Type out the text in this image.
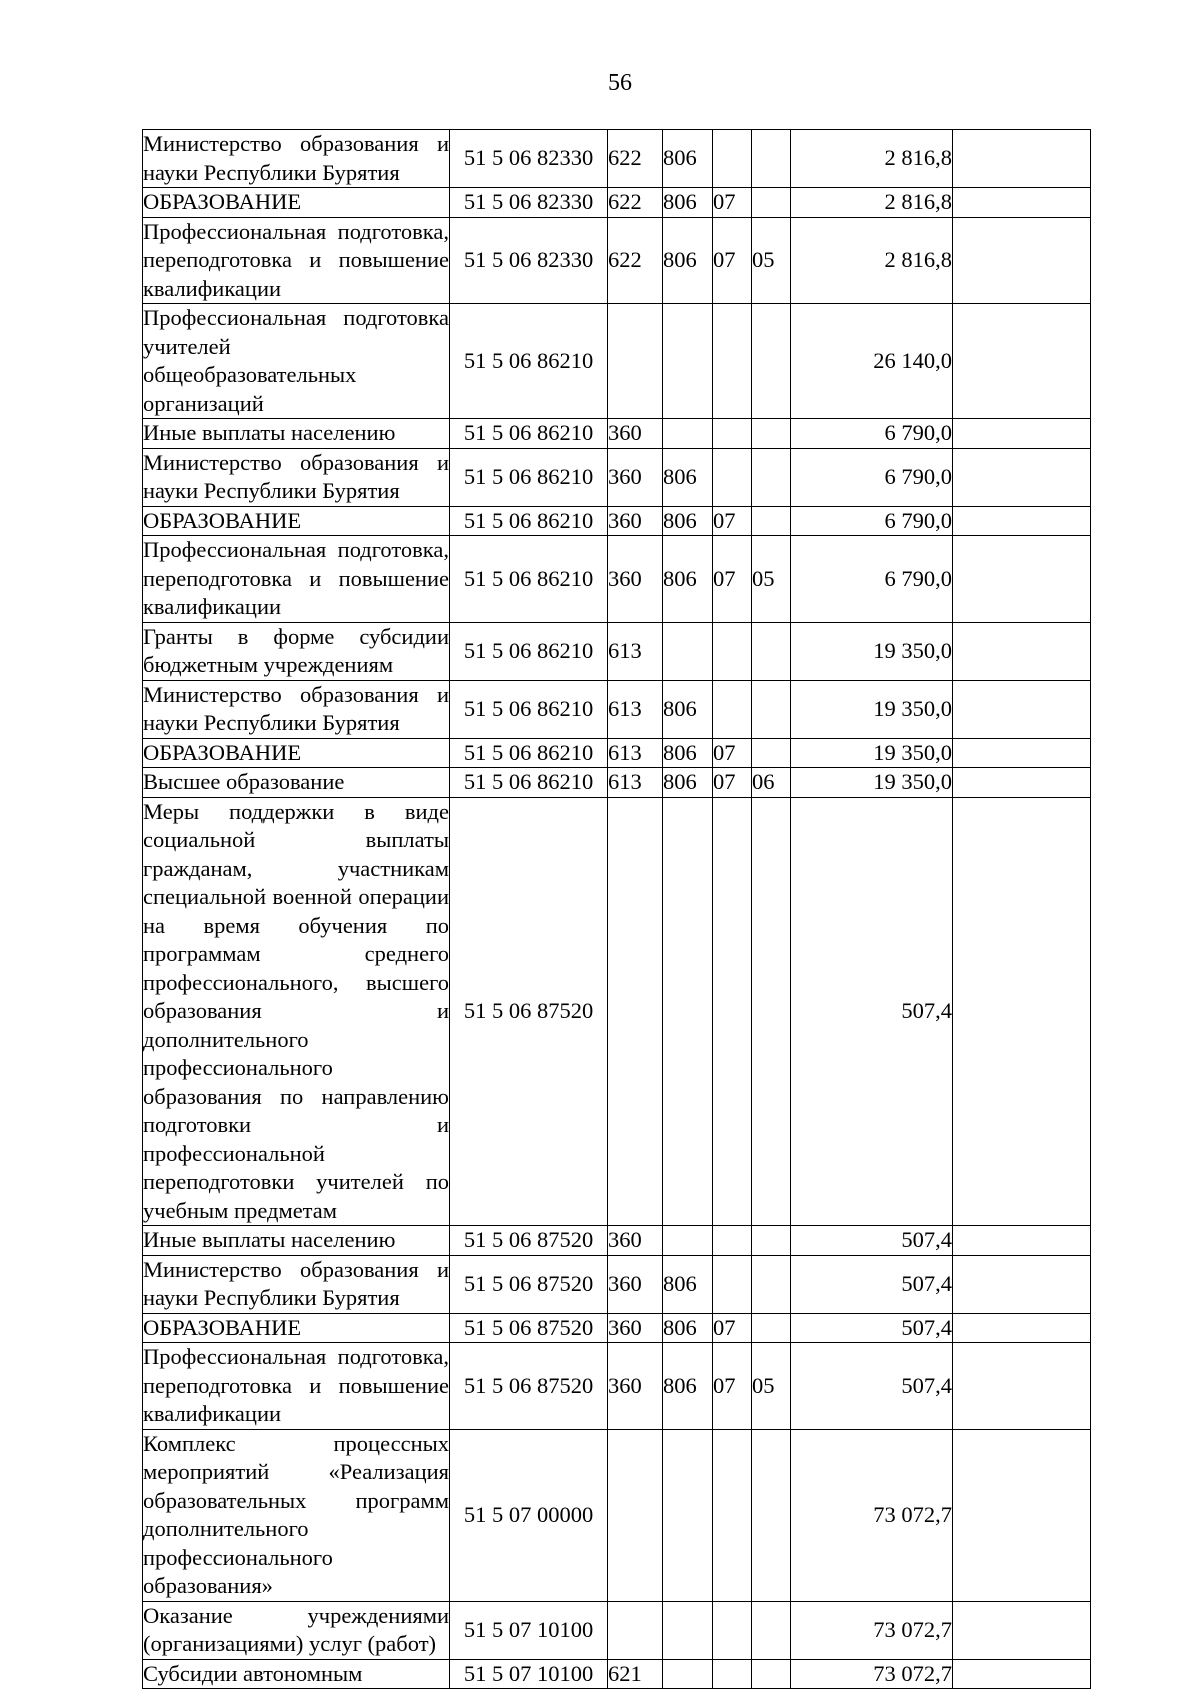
56
Министерство образования и науки Республики Бурятия	51 5 06 82330	622	806			2 816,8	
ОБРАЗОВАНИЕ	51 5 06 82330	622	806	07		2 816,8	
Профессиональная подготовка, переподготовка и повышение квалификации	51 5 06 82330	622	806	07	05	2 816,8	
Профессиональная подготовка учителей общеобразовательных организаций	51 5 06 86210					26 140,0	
Иные выплаты населению	51 5 06 86210	360				6 790,0	
Министерство образования и науки Республики Бурятия	51 5 06 86210	360	806			6 790,0	
ОБРАЗОВАНИЕ	51 5 06 86210	360	806	07		6 790,0	
Профессиональная подготовка, переподготовка и повышение квалификации	51 5 06 86210	360	806	07	05	6 790,0	
Гранты в форме субсидии бюджетным учреждениям	51 5 06 86210	613				19 350,0	
Министерство образования и науки Республики Бурятия	51 5 06 86210	613	806			19 350,0	
ОБРАЗОВАНИЕ	51 5 06 86210	613	806	07		19 350,0	
Высшее образование	51 5 06 86210	613	806	07	06	19 350,0	
Меры поддержки в виде социальной выплаты гражданам, участникам специальной военной операции на время обучения по программам среднего профессионального, высшего образования и дополнительного профессионального образования по направлению подготовки и профессиональной переподготовки учителей по учебным предметам	51 5 06 87520					507,4	
Иные выплаты населению	51 5 06 87520	360				507,4	
Министерство образования и науки Республики Бурятия	51 5 06 87520	360	806			507,4	
ОБРАЗОВАНИЕ	51 5 06 87520	360	806	07		507,4	
Профессиональная подготовка, переподготовка и повышение квалификации	51 5 06 87520	360	806	07	05	507,4	
Комплекс процессных мероприятий «Реализация образовательных программ дополнительного профессионального образования»	51 5 07 00000					73 072,7	
Оказание учреждениями (организациями) услуг (работ)	51 5 07 10100					73 072,7	
Субсидии автономным	51 5 07 10100	621				73 072,7	
